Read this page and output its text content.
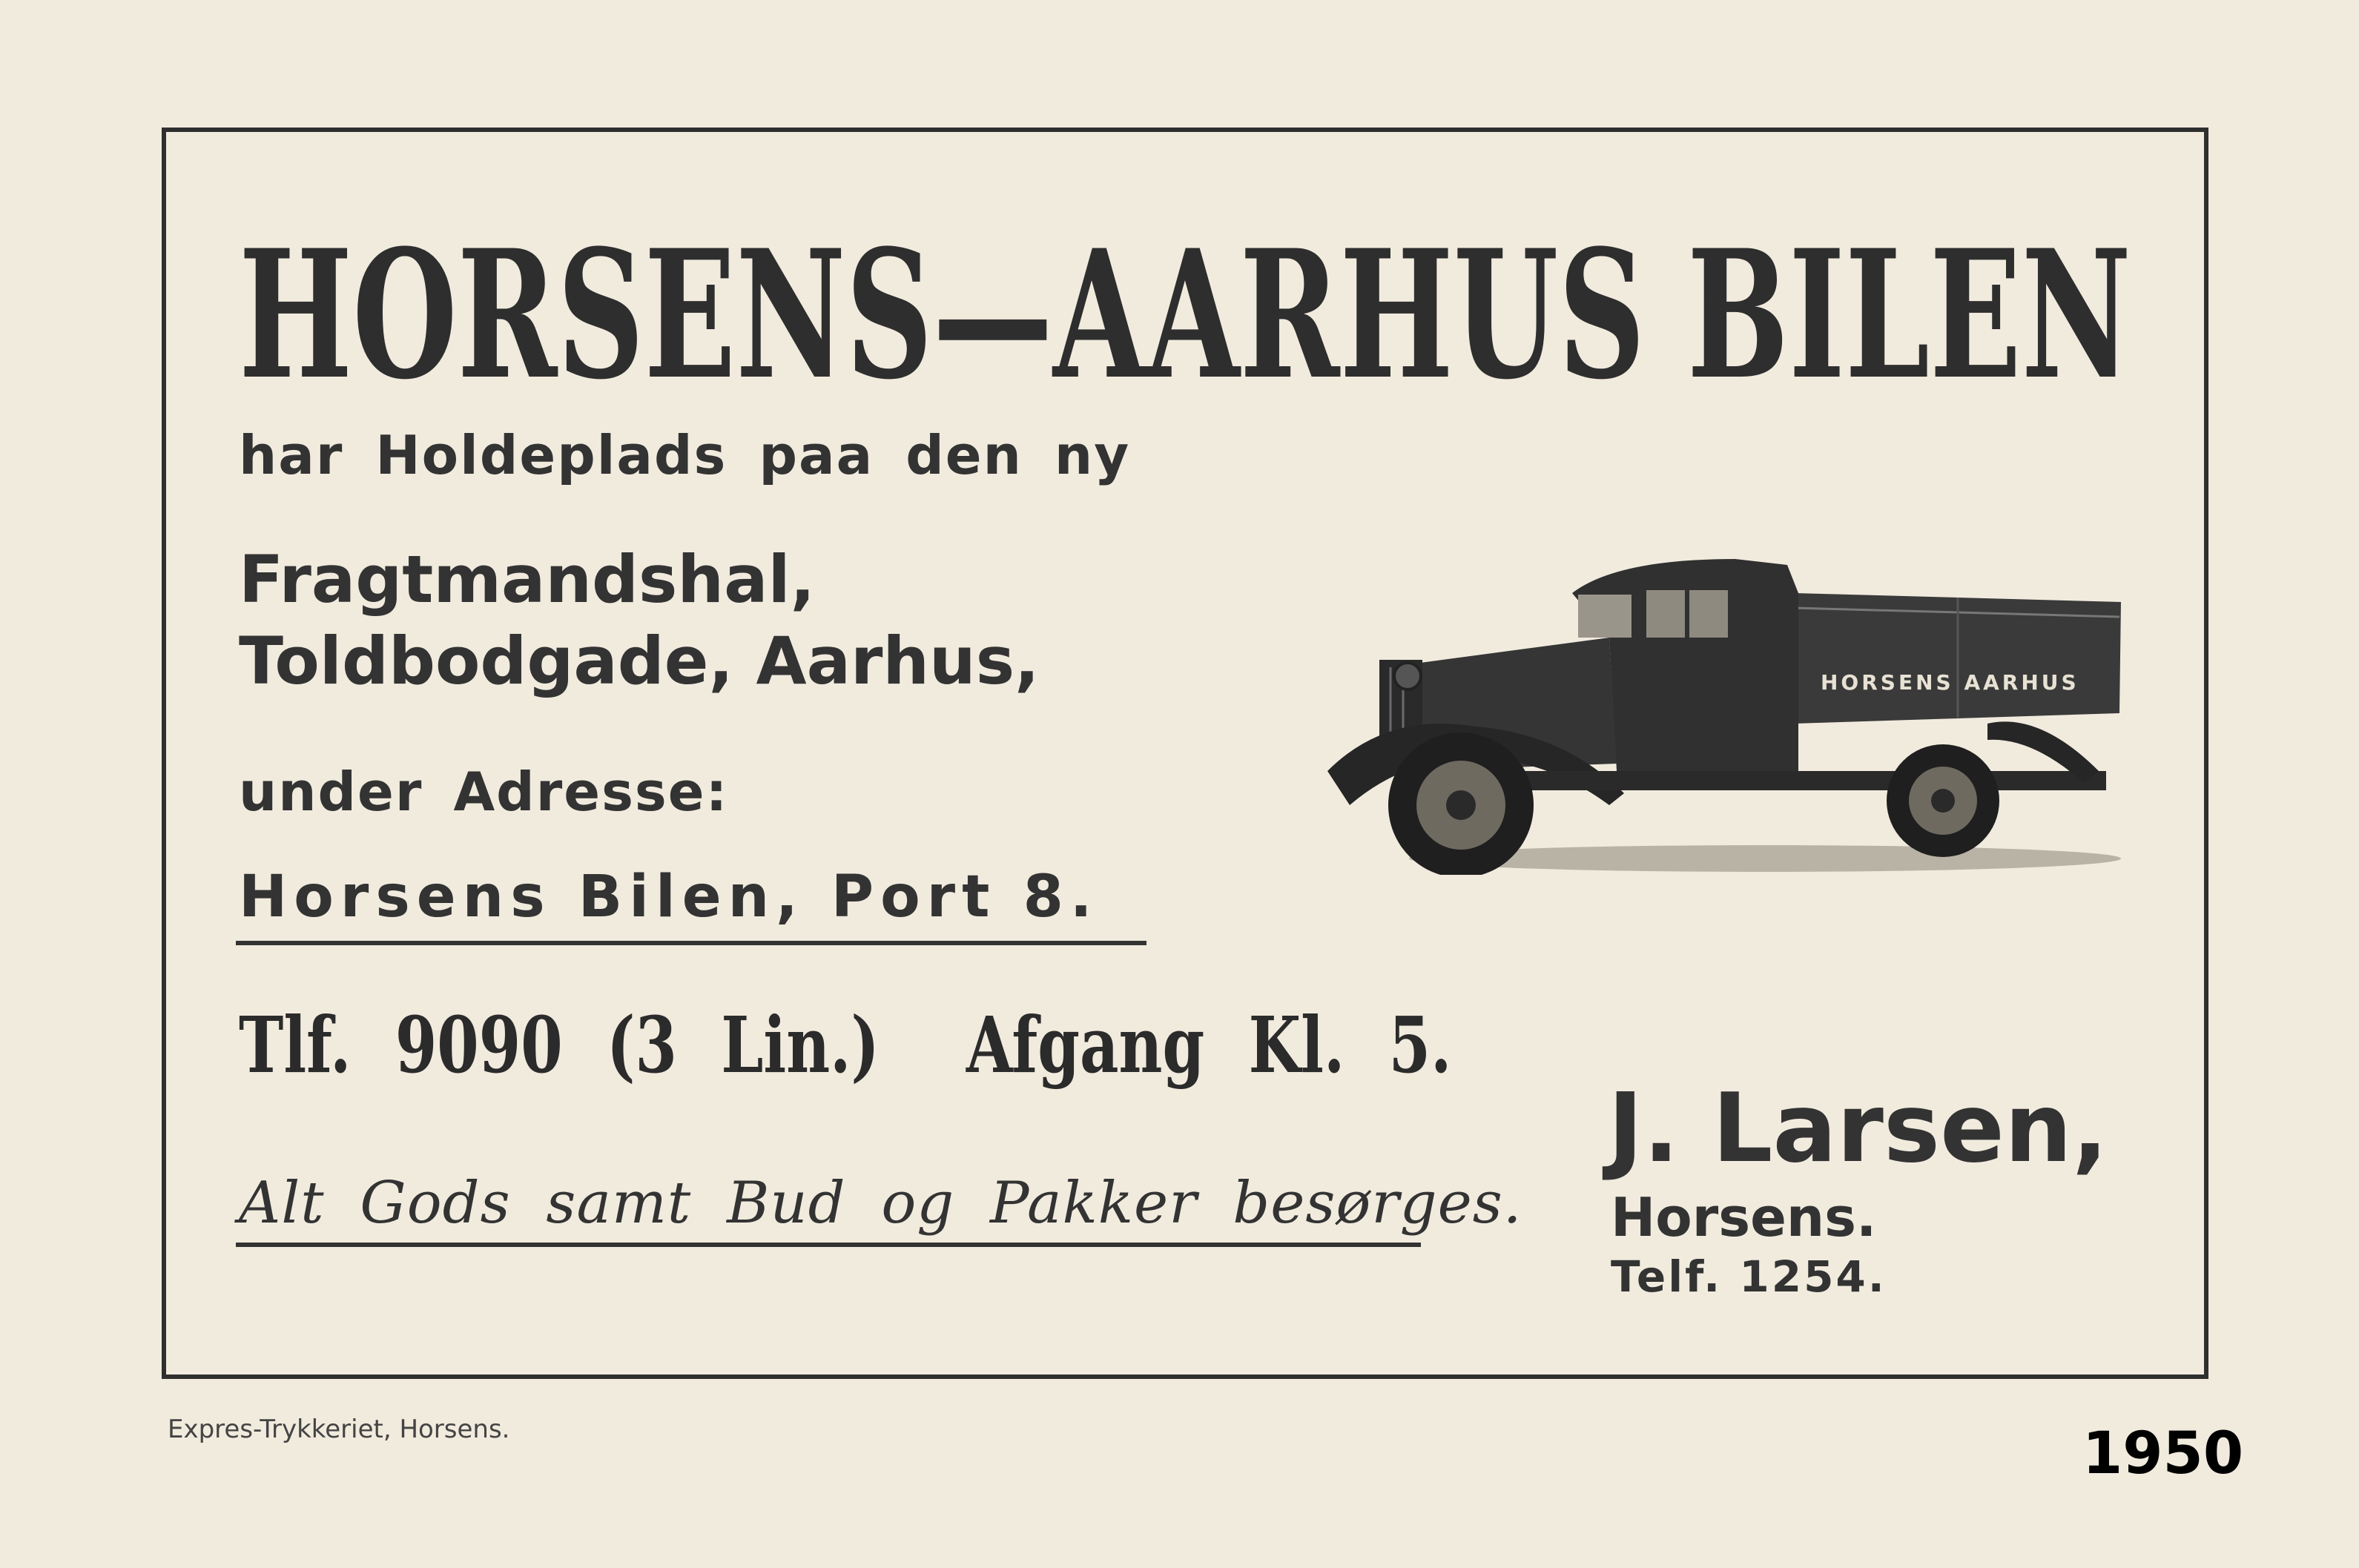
HORSENS—AARHUS BILEN
har Holdeplads paa den ny
Fragtmandshal,
Toldbodgade, Aarhus,
under Adresse:
Horsens Bilen, Port 8.
Tlf. 9090 (3 Lin.) Afgang Kl. 5.
Alt Gods samt Bud og Pakker besørges.
HORSENS AARHUS
J. Larsen,
Horsens.
Telf. 1254.
Expres-Trykkeriet, Horsens.	1950
